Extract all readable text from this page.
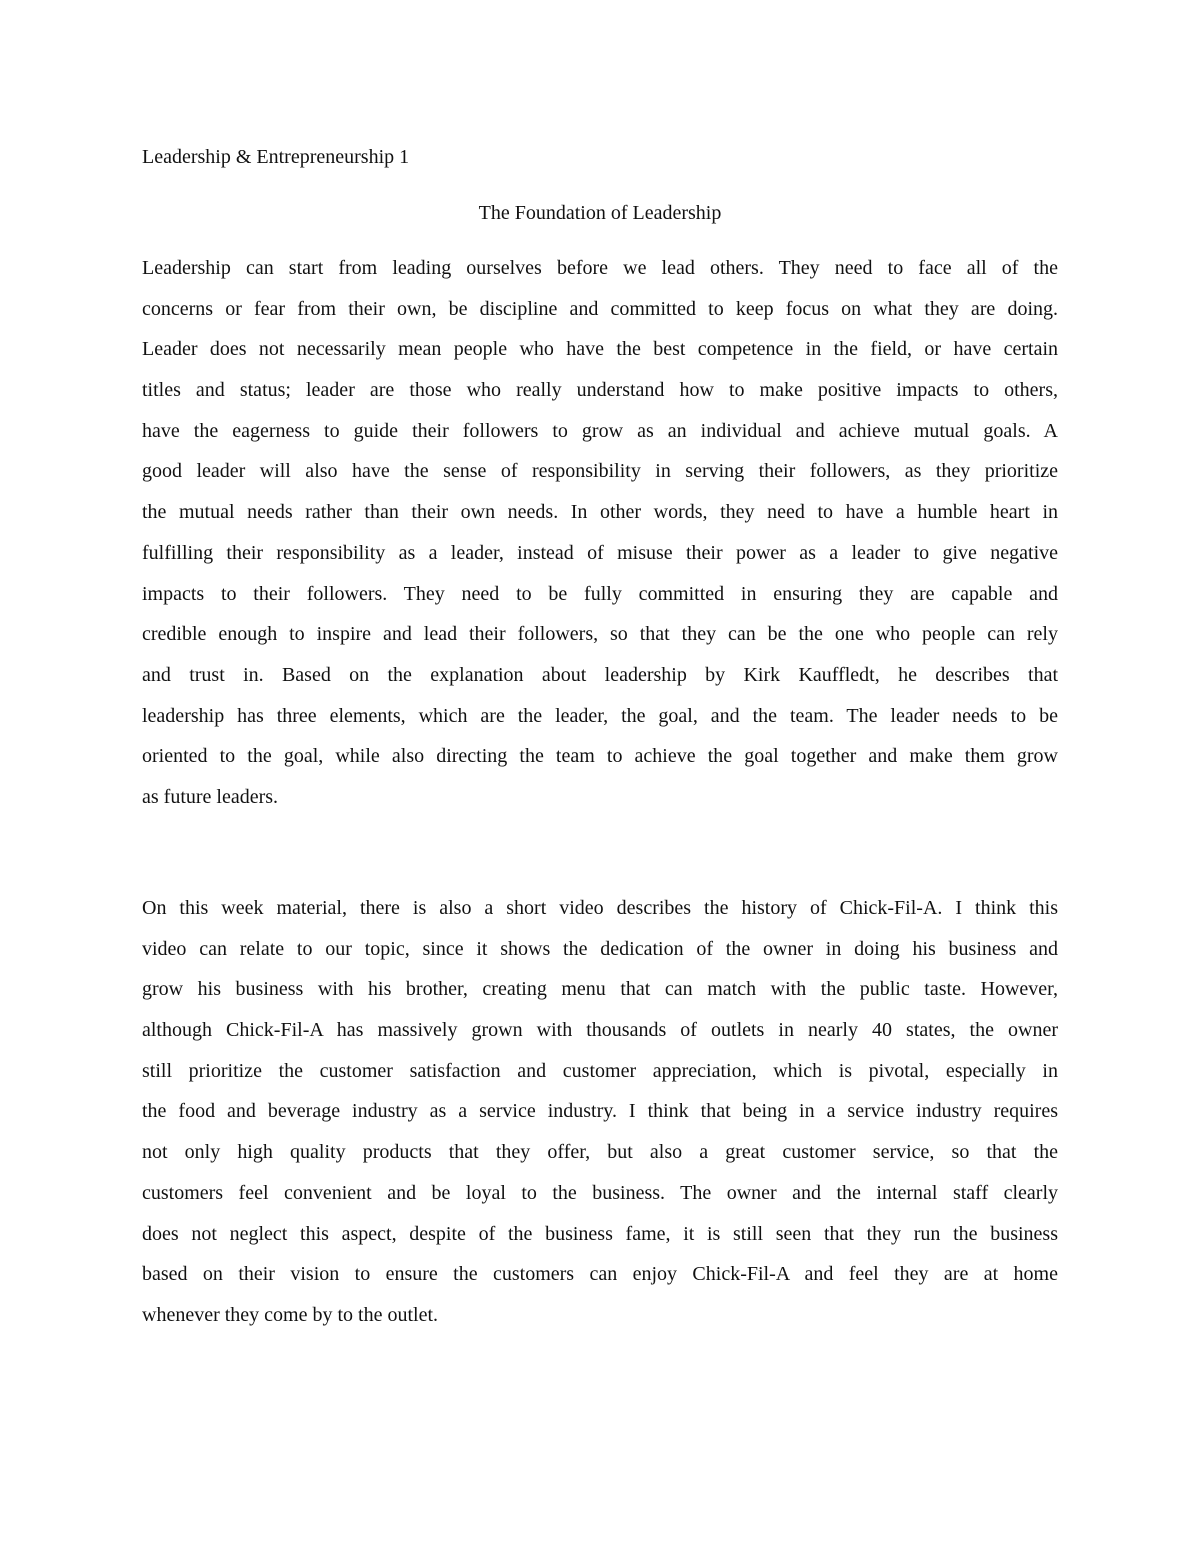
Leadership & Entrepreneurship 1
The Foundation of Leadership
Leadership can start from leading ourselves before we lead others. They need to face all of the
concerns or fear from their own, be discipline and committed to keep focus on what they are doing.
Leader does not necessarily mean people who have the best competence in the field, or have certain
titles and status; leader are those who really understand how to make positive impacts to others,
have the eagerness to guide their followers to grow as an individual and achieve mutual goals. A
good leader will also have the sense of responsibility in serving their followers, as they prioritize
the mutual needs rather than their own needs. In other words, they need to have a humble heart in
fulfilling their responsibility as a leader, instead of misuse their power as a leader to give negative
impacts to their followers. They need to be fully committed in ensuring they are capable and
credible enough to inspire and lead their followers, so that they can be the one who people can rely
and trust in. Based on the explanation about leadership by Kirk Kauffledt, he describes that
leadership has three elements, which are the leader, the goal, and the team. The leader needs to be
oriented to the goal, while also directing the team to achieve the goal together and make them grow
as future leaders.
On this week material, there is also a short video describes the history of Chick-Fil-A. I think this
video can relate to our topic, since it shows the dedication of the owner in doing his business and
grow his business with his brother, creating menu that can match with the public taste. However,
although Chick-Fil-A has massively grown with thousands of outlets in nearly 40 states, the owner
still prioritize the customer satisfaction and customer appreciation, which is pivotal, especially in
the food and beverage industry as a service industry. I think that being in a service industry requires
not only high quality products that they offer, but also a great customer service, so that the
customers feel convenient and be loyal to the business. The owner and the internal staff clearly
does not neglect this aspect, despite of the business fame, it is still seen that they run the business
based on their vision to ensure the customers can enjoy Chick-Fil-A and feel they are at home
whenever they come by to the outlet.
